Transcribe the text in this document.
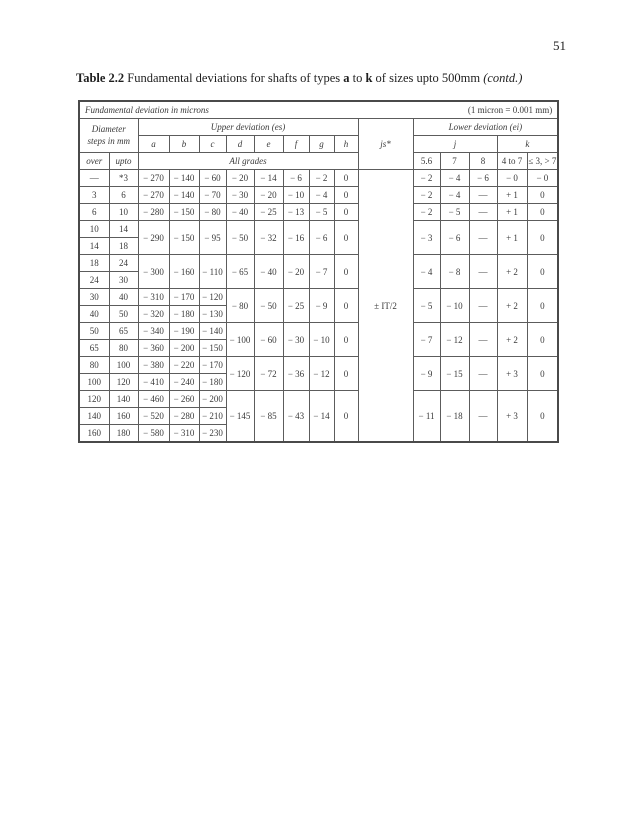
51
Table 2.2 Fundamental deviations for shafts of types a to k of sizes upto 500mm (contd.)
Fundamental deviation in microns (1 micron = 0.001 mm)															

Diameter
steps in mm		Upper deviation (es)								js*	Lower deviation (ei)				
		a	b	c	d	e	f	g	h		j			k	
over	upto	All grades									5.6	7	8	4 to 7	≤ 3, > 7
—	*3	− 270	− 140	− 60	− 20	− 14	− 6	− 2	0	± IT/2	− 2	− 4	− 6	− 0	− 0
3	6	− 270	− 140	− 70	− 30	− 20	− 10	− 4	0		− 2	− 4	—	+ 1	0
6	10	− 280	− 150	− 80	− 40	− 25	− 13	− 5	0		− 2	− 5	—	+ 1	0
10	14	− 290	− 150	− 95	− 50	− 32	− 16	− 6	0		− 3	− 6	—	+ 1	0
14	18														
18	24	− 300	− 160	− 110	− 65	− 40	− 20	− 7	0		− 4	− 8	—	+ 2	0
24	30														
30	40	− 310	− 170	− 120	− 80	− 50	− 25	− 9	0		− 5	− 10	—	+ 2	0
40	50	− 320	− 180	− 130											
50	65	− 340	− 190	− 140	− 100	− 60	− 30	− 10	0		− 7	− 12	—	+ 2	0
65	80	− 360	− 200	− 150											
80	100	− 380	− 220	− 170	− 120	− 72	− 36	− 12	0		− 9	− 15	—	+ 3	0
100	120	− 410	− 240	− 180											
120	140	− 460	− 260	− 200	− 145	− 85	− 43	− 14	0		− 11	− 18	—	+ 3	0
140	160	− 520	− 280	− 210											
160	180	− 580	− 310	− 230											
